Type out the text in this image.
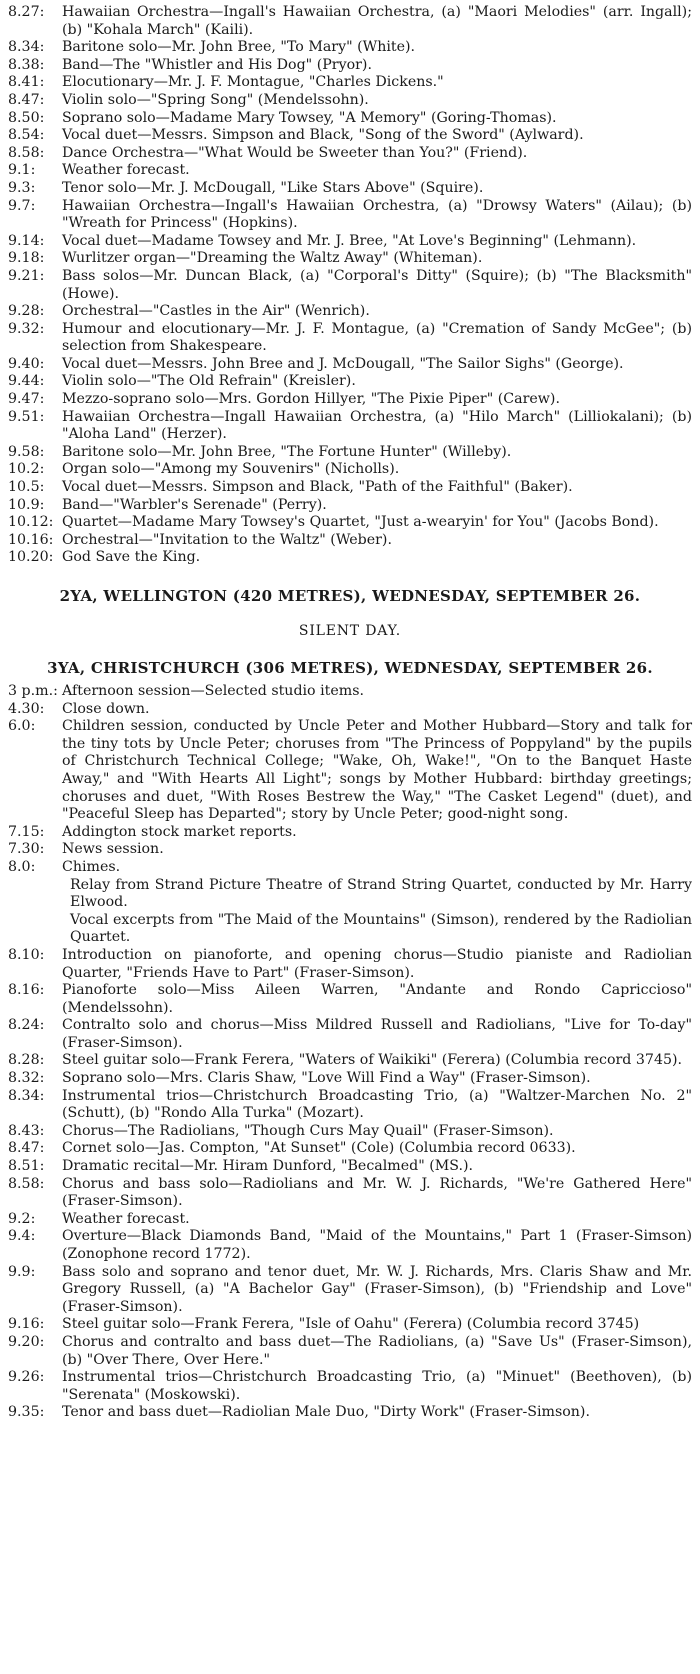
8.27:	Hawaiian Orchestra—Ingall's Hawaiian Orchestra, (a) "Maori Melodies" (arr. Ingall); (b) "Kohala March" (Kaili).
8.34:	Baritone solo—Mr. John Bree, "To Mary" (White).
8.38:	Band—The "Whistler and His Dog" (Pryor).
8.41:	Elocutionary—Mr. J. F. Montague, "Charles Dickens."
8.47:	Violin solo—"Spring Song" (Mendelssohn).
8.50:	Soprano solo—Madame Mary Towsey, "A Memory" (Goring-Thomas).
8.54:	Vocal duet—Messrs. Simpson and Black, "Song of the Sword" (Aylward).
8.58:	Dance Orchestra—"What Would be Sweeter than You?" (Friend).
9.1:	Weather forecast.
9.3:	Tenor solo—Mr. J. McDougall, "Like Stars Above" (Squire).
9.7:	Hawaiian Orchestra—Ingall's Hawaiian Orchestra, (a) "Drowsy Waters" (Ailau); (b) "Wreath for Princess" (Hopkins).
9.14:	Vocal duet—Madame Towsey and Mr. J. Bree, "At Love's Beginning" (Lehmann).
9.18:	Wurlitzer organ—"Dreaming the Waltz Away" (Whiteman).
9.21:	Bass solos—Mr. Duncan Black, (a) "Corporal's Ditty" (Squire); (b) "The Blacksmith" (Howe).
9.28:	Orchestral—"Castles in the Air" (Wenrich).
9.32:	Humour and elocutionary—Mr. J. F. Montague, (a) "Cremation of Sandy McGee"; (b) selection from Shakespeare.
9.40:	Vocal duet—Messrs. John Bree and J. McDougall, "The Sailor Sighs" (George).
9.44:	Violin solo—"The Old Refrain" (Kreisler).
9.47:	Mezzo-soprano solo—Mrs. Gordon Hillyer, "The Pixie Piper" (Carew).
9.51:	Hawaiian Orchestra—Ingall Hawaiian Orchestra, (a) "Hilo March" (Lilliokalani); (b) "Aloha Land" (Herzer).
9.58:	Baritone solo—Mr. John Bree, "The Fortune Hunter" (Willeby).
10.2:	Organ solo—"Among my Souvenirs" (Nicholls).
10.5:	Vocal duet—Messrs. Simpson and Black, "Path of the Faithful" (Baker).
10.9:	Band—"Warbler's Serenade" (Perry).
10.12: Quartet—Madame Mary Towsey's Quartet, "Just a-wearyin' for You" (Jacobs Bond).
10.16: Orchestral—"Invitation to the Waltz" (Weber).
10.20: God Save the King.
2YA, WELLINGTON (420 METRES), WEDNESDAY, SEPTEMBER 26.
SILENT DAY.
3YA, CHRISTCHURCH (306 METRES), WEDNESDAY, SEPTEMBER 26.
3 p.m.: Afternoon session—Selected studio items.
4.30:	Close down.
6.0:	Children session, conducted by Uncle Peter and Mother Hubbard—Story and talk for the tiny tots by Uncle Peter; choruses from "The Princess of Poppyland" by the pupils of Christchurch Technical College; "Wake, Oh, Wake!", "On to the Banquet Haste Away," and "With Hearts All Light"; songs by Mother Hubbard: birthday greetings; choruses and duet, "With Roses Bestrew the Way," "The Casket Legend" (duet), and "Peaceful Sleep has Departed"; story by Uncle Peter; good-night song.
7.15:	Addington stock market reports.
7.30:	News session.
8.0:	Chimes.
Relay from Strand Picture Theatre of Strand String Quartet, conducted by Mr. Harry Elwood.
Vocal excerpts from "The Maid of the Mountains" (Simson), rendered by the Radiolian Quartet.
8.10:	Introduction on pianoforte, and opening chorus—Studio pianiste and Radiolian Quarter, "Friends Have to Part" (Fraser-Simson).
8.16:	Pianoforte solo—Miss Aileen Warren, "Andante and Rondo Capriccioso" (Mendelssohn).
8.24:	Contralto solo and chorus—Miss Mildred Russell and Radiolians, "Live for To-day" (Fraser-Simson).
8.28:	Steel guitar solo—Frank Ferera, "Waters of Waikiki" (Ferera) (Columbia record 3745).
8.32:	Soprano solo—Mrs. Claris Shaw, "Love Will Find a Way" (Fraser-Simson).
8.34:	Instrumental trios—Christchurch Broadcasting Trio, (a) "Waltzer-Marchen No. 2" (Schutt), (b) "Rondo Alla Turka" (Mozart).
8.43:	Chorus—The Radiolians, "Though Curs May Quail" (Fraser-Simson).
8.47:	Cornet solo—Jas. Compton, "At Sunset" (Cole) (Columbia record 0633).
8.51:	Dramatic recital—Mr. Hiram Dunford, "Becalmed" (MS.).
8.58:	Chorus and bass solo—Radiolians and Mr. W. J. Richards, "We're Gathered Here" (Fraser-Simson).
9.2:	Weather forecast.
9.4:	Overture—Black Diamonds Band, "Maid of the Mountains," Part 1 (Fraser-Simson) (Zonophone record 1772).
9.9:	Bass solo and soprano and tenor duet, Mr. W. J. Richards, Mrs. Claris Shaw and Mr. Gregory Russell, (a) "A Bachelor Gay" (Fraser-Simson), (b) "Friendship and Love" (Fraser-Simson).
9.16:	Steel guitar solo—Frank Ferera, "Isle of Oahu" (Ferera) (Columbia record 3745)
9.20:	Chorus and contralto and bass duet—The Radiolians, (a) "Save Us" (Fraser-Simson), (b) "Over There, Over Here."
9.26:	Instrumental trios—Christchurch Broadcasting Trio, (a) "Minuet" (Beethoven), (b) "Serenata" (Moskowski).
9.35:	Tenor and bass duet—Radiolian Male Duo, "Dirty Work" (Fraser-Simson).
